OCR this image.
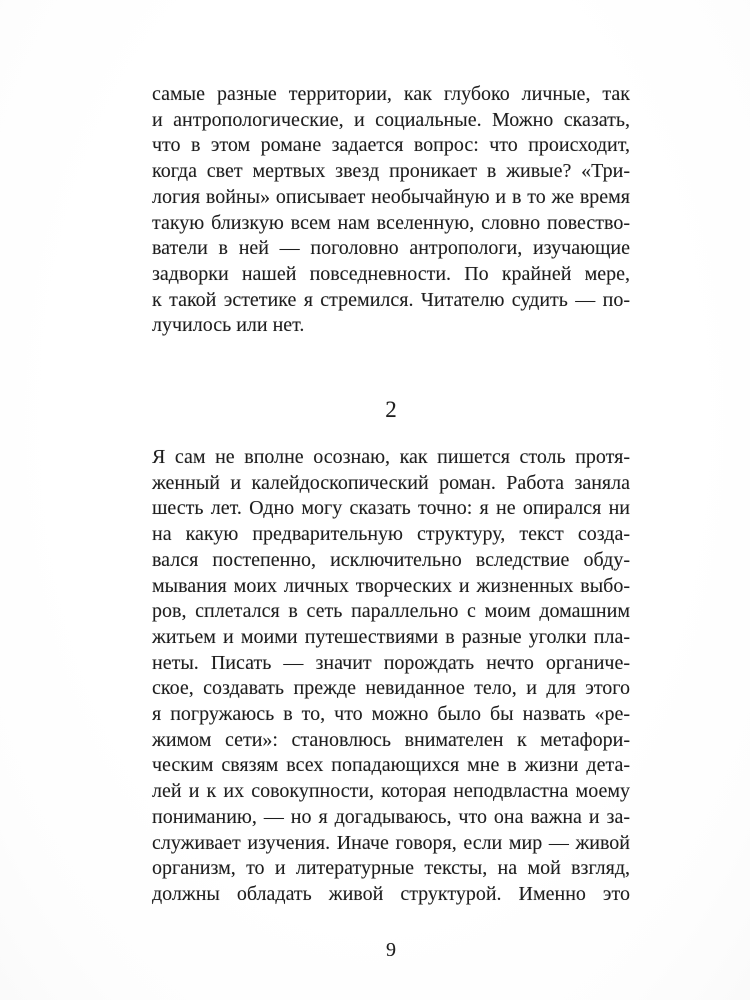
самые разные территории, как глубоко личные, так
и антропологические, и социальные. Можно сказать,
что в этом романе задается вопрос: что происходит,
когда свет мертвых звезд проникает в живые? «Три-
логия войны» описывает необычайную и в то же время
такую близкую всем нам вселенную, словно повество-
ватели в ней — поголовно антропологи, изучающие
задворки нашей повседневности. По крайней мере,
к такой эстетике я стремился. Читателю судить — по-
лучилось или нет.
2
Я сам не вполне осознаю, как пишется столь протя-
женный и калейдоскопический роман. Работа заняла
шесть лет. Одно могу сказать точно: я не опирался ни
на какую предварительную структуру, текст созда-
вался постепенно, исключительно вследствие обду-
мывания моих личных творческих и жизненных выбо-
ров, сплетался в сеть параллельно с моим домашним
житьем и моими путешествиями в разные уголки пла-
неты. Писать — значит порождать нечто органиче-
ское, создавать прежде невиданное тело, и для этого
я погружаюсь в то, что можно было бы назвать «ре-
жимом сети»: становлюсь внимателен к метафори-
ческим связям всех попадающихся мне в жизни дета-
лей и к их совокупности, которая неподвластна моему
пониманию, — но я догадываюсь, что она важна и за-
служивает изучения. Иначе говоря, если мир — живой
организм, то и литературные тексты, на мой взгляд,
должны обладать живой структурой. Именно это
9
